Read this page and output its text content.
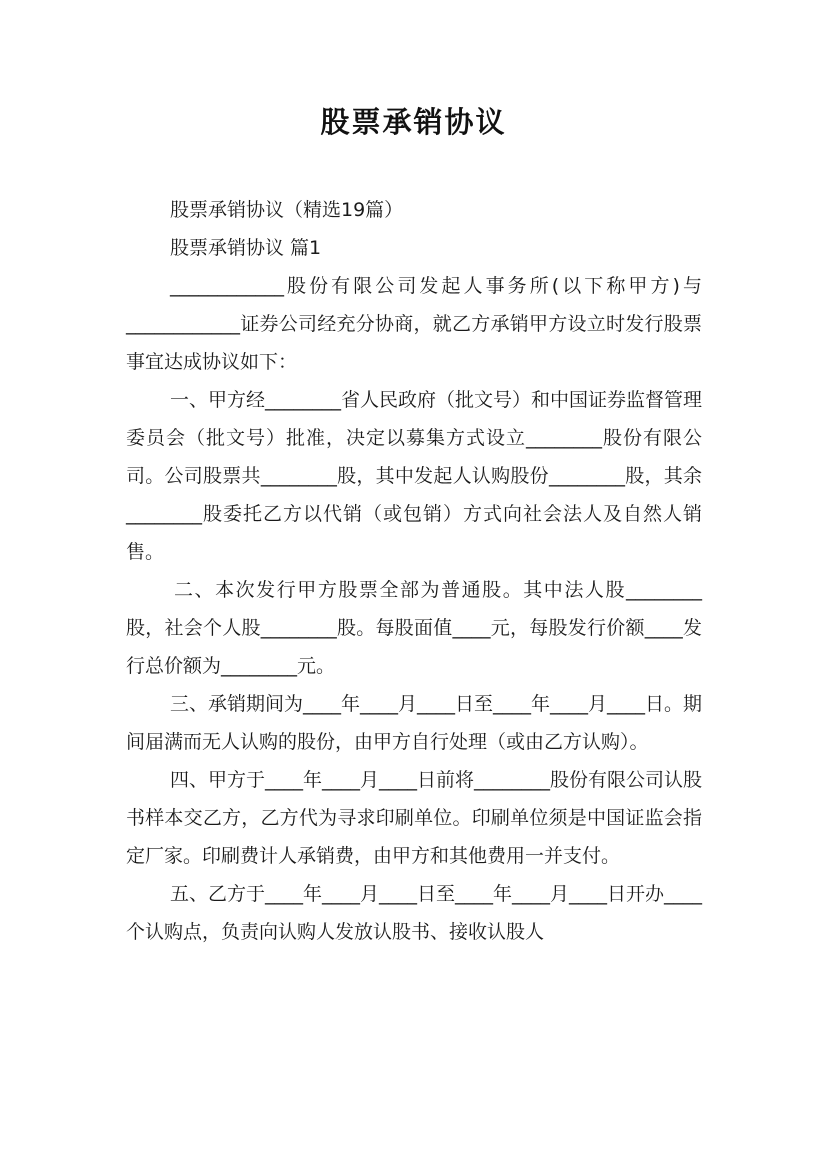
股票承销协议

股票承销协议（精选19篇）

股票承销协议 篇1

____________股份有限公司发起人事务所(以下称甲方)与____________证券公司经充分协商，就乙方承销甲方设立时发行股票事宜达成协议如下：

一、甲方经________省人民政府（批文号）和中国证券监督管理委员会（批文号）批准，决定以募集方式设立________股份有限公司。公司股票共________股，其中发起人认购股份________股，其余________股委托乙方以代销（或包销）方式向社会法人及自然人销售。

二、本次发行甲方股票全部为普通股。其中法人股________股，社会个人股________股。每股面值____元，每股发行价额____发行总价额为________元。

三、承销期间为____年____月____日至____年____月____日。期间届满而无人认购的股份，由甲方自行处理（或由乙方认购）。

四、甲方于____年____月____日前将________股份有限公司认股书样本交乙方，乙方代为寻求印刷单位。印刷单位须是中国证监会指定厂家。印刷费计人承销费，由甲方和其他费用一并支付。

五、乙方于____年____月____日至____年____月____日开办____个认购点，负责向认购人发放认股书、接收认股人
